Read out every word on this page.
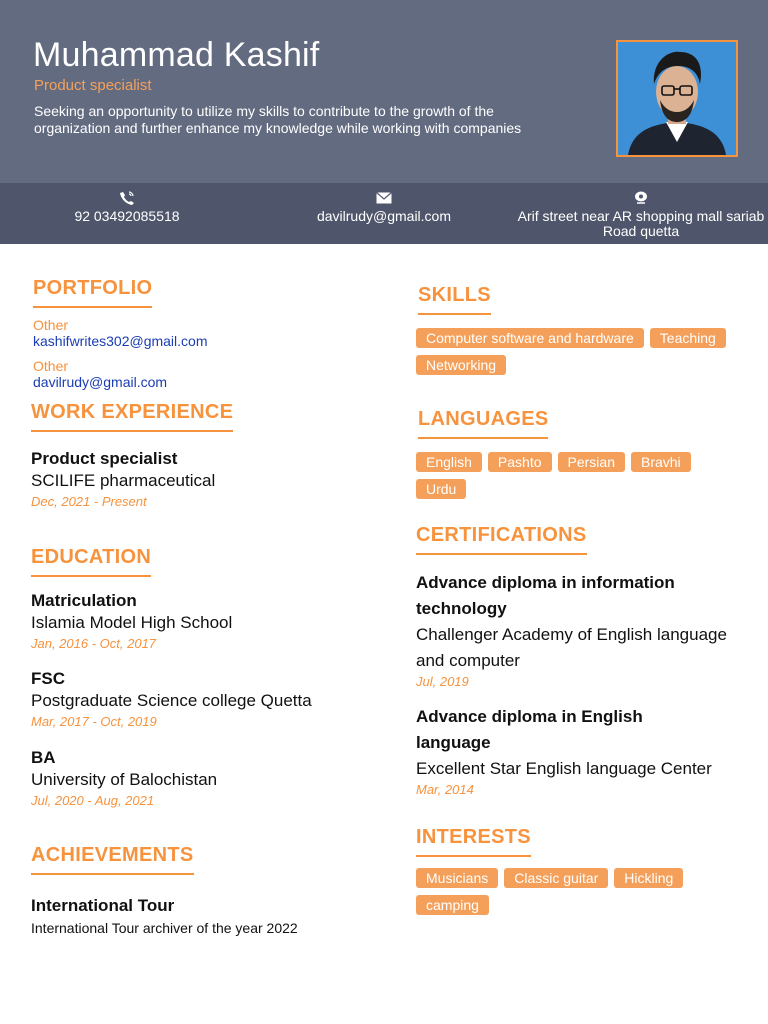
Muhammad Kashif
Product specialist
Seeking an opportunity to utilize my skills to contribute to the growth of the organization and further enhance my knowledge while working with companies
92 03492085518	davilrudy@gmail.com	Arif street near AR shopping mall sariab Road quetta
PORTFOLIO
Other
kashifwrites302@gmail.com
Other
davilrudy@gmail.com
WORK EXPERIENCE
Product specialist
SCILIFE pharmaceutical
Dec, 2021 - Present
EDUCATION
Matriculation
Islamia Model High School
Jan, 2016 - Oct, 2017
FSC
Postgraduate Science college Quetta
Mar, 2017 - Oct, 2019
BA
University of Balochistan
Jul, 2020 - Aug, 2021
ACHIEVEMENTS
International Tour
International Tour archiver of the year 2022
SKILLS
Computer software and hardware	Teaching
Networking
LANGUAGES
English	Pashto	Persian	Bravhi
Urdu
CERTIFICATIONS
Advance diploma in information technology
Challenger Academy of English language and computer
Jul, 2019
Advance diploma in English language
Excellent Star English language Center
Mar, 2014
INTERESTS
Musicians	Classic guitar	Hickling
camping
